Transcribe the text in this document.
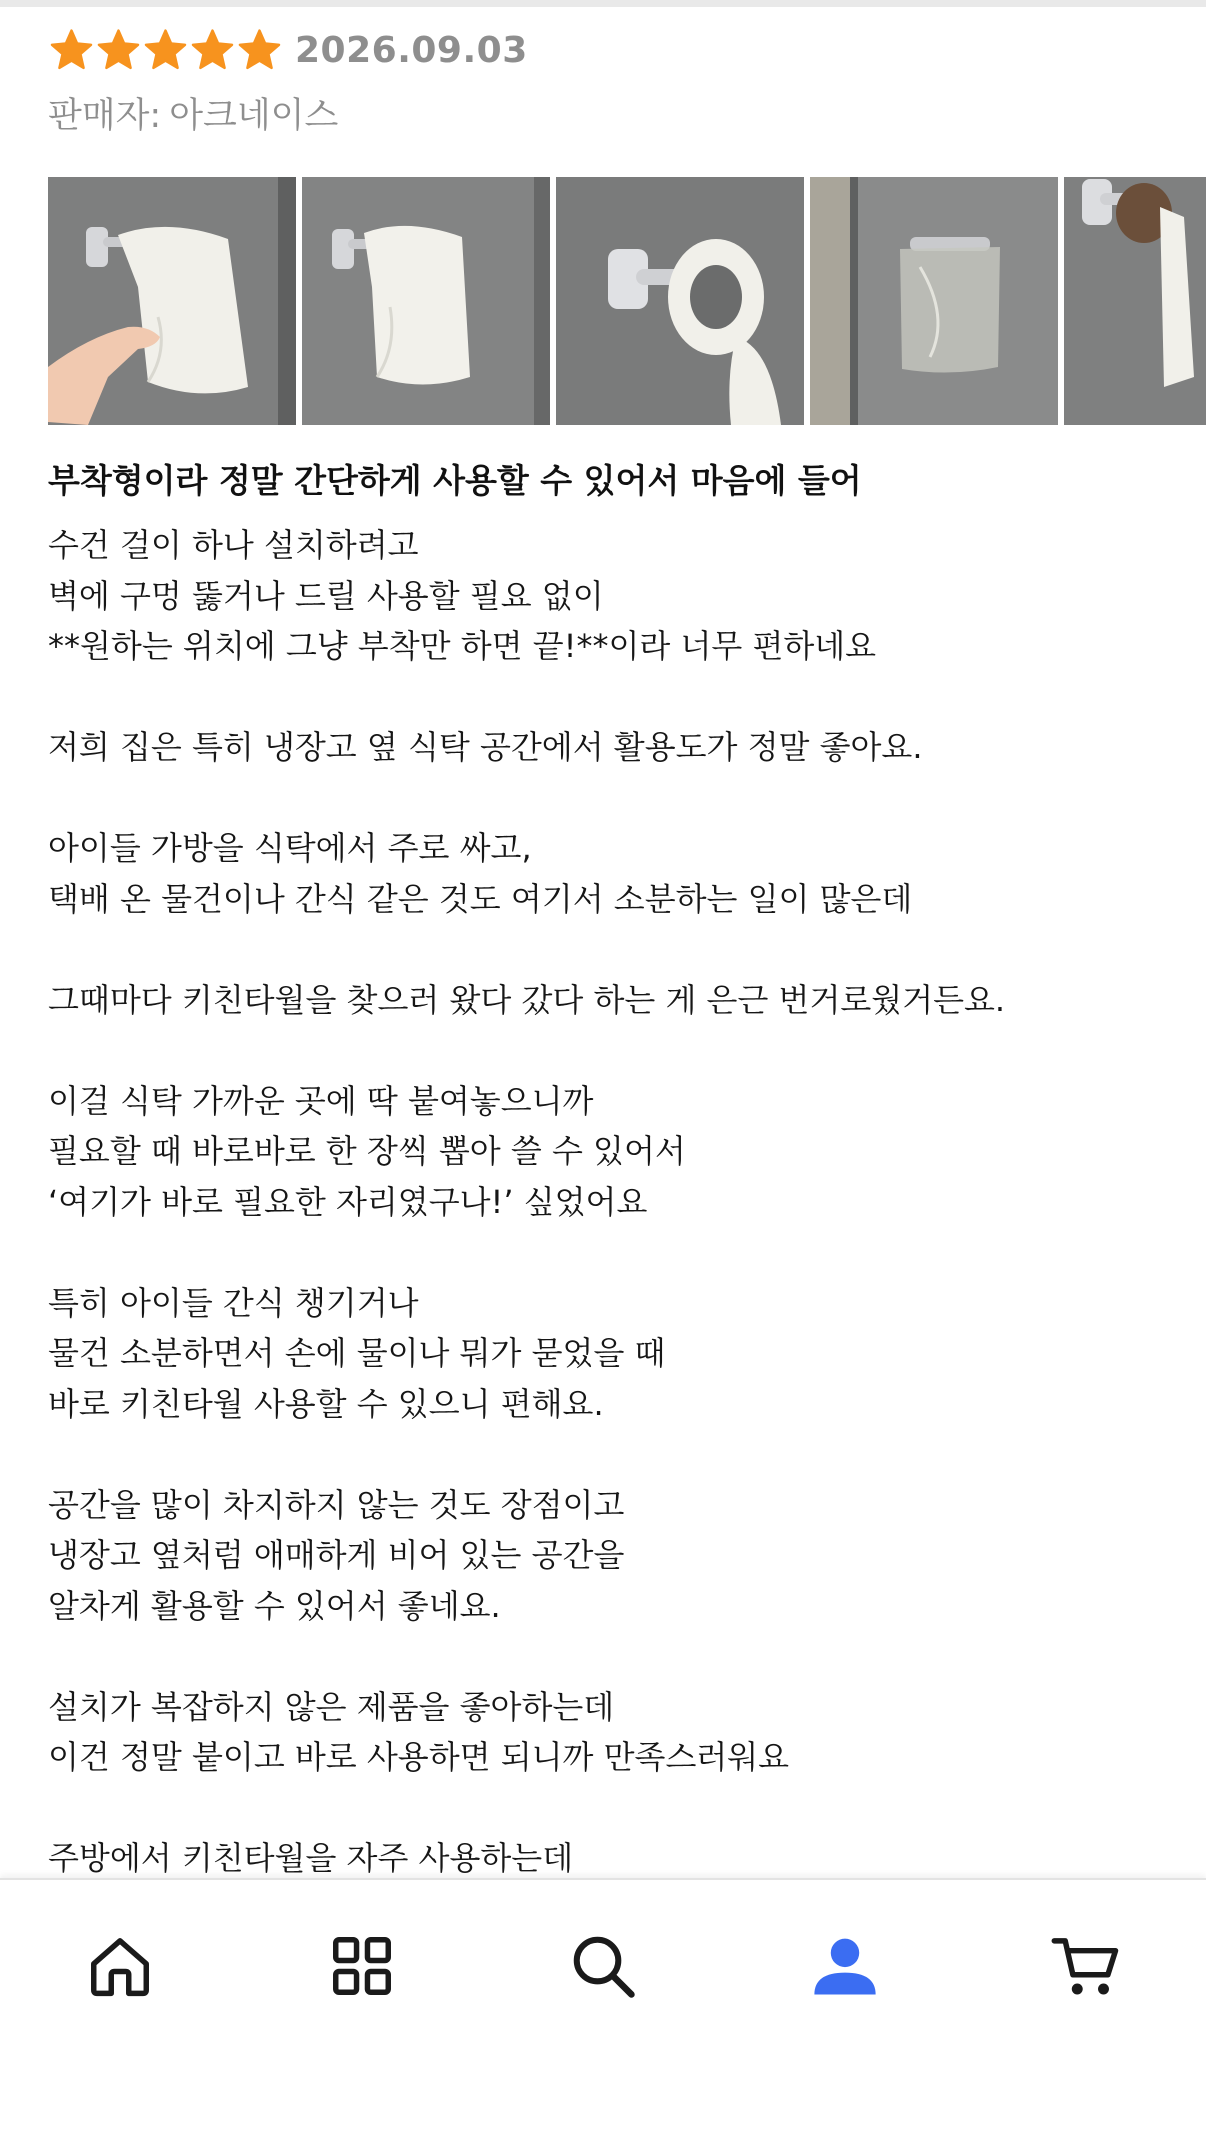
2026.09.03
판매자: 아크네이스
부착형이라 정말 간단하게 사용할 수 있어서 마음에 들어
수건 걸이 하나 설치하려고
벽에 구멍 뚫거나 드릴 사용할 필요 없이
**원하는 위치에 그냥 부착만 하면 끝!**이라 너무 편하네요
저희 집은 특히 냉장고 옆 식탁 공간에서 활용도가 정말 좋아요.
아이들 가방을 식탁에서 주로 싸고,
택배 온 물건이나 간식 같은 것도 여기서 소분하는 일이 많은데
그때마다 키친타월을 찾으러 왔다 갔다 하는 게 은근 번거로웠거든요.
이걸 식탁 가까운 곳에 딱 붙여놓으니까
필요할 때 바로바로 한 장씩 뽑아 쓸 수 있어서
‘여기가 바로 필요한 자리였구나!’ 싶었어요
특히 아이들 간식 챙기거나
물건 소분하면서 손에 물이나 뭐가 묻었을 때
바로 키친타월 사용할 수 있으니 편해요.
공간을 많이 차지하지 않는 것도 장점이고
냉장고 옆처럼 애매하게 비어 있는 공간을
알차게 활용할 수 있어서 좋네요.
설치가 복잡하지 않은 제품을 좋아하는데
이건 정말 붙이고 바로 사용하면 되니까 만족스러워요
주방에서 키친타월을 자주 사용하는데
